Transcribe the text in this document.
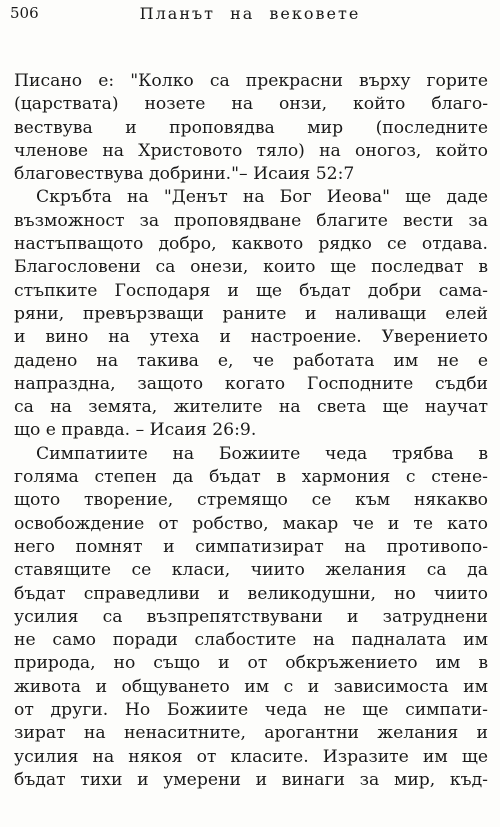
506	Планът на вековете

Писано е: "Колко са прекрасни върху горите
(царствата) нозете на онзи, който благо-
вествува и проповядва мир (последните
членове на Христовото тяло) на оногоз, който
благовествува добрини."– Исаия 52:7

Скръбта на "Денът на Бог Иеова" ще даде
възможност за проповядване благите вести за
настъпващото добро, каквото рядко се отдава.
Благословени са онези, които ще последват в
стъпките Господаря и ще бъдат добри сама-
ряни, превързващи раните и наливащи елей
и вино на утеха и настроение. Уверението
дадено на такива е, че работата им не е
напразднa, защото когато Господните съдби
са на земята, жителите на света ще научат
що е правда. – Исаия 26:9.

Симпатиите на Божиите чеда трябва в
голяма степен да бъдат в хармония с стене-
щото творение, стремящо се към някакво
освобождение от робство, макар че и те като
него помнят и симпатизират на противопо-
ставящите се класи, чиито желания са да
бъдат справедливи и великодушни, но чиито
усилия са възпрепятствувани и затруднени
не само поради слабостите на падналата им
природа, но също и от обкръжението им в
живота и общуването им с и зависимостa им
от други. Но Божиите чеда не ще симпати-
зират на ненаситните, арогантни желания и
усилия на някоя от класите. Изразите им ще
бъдат тихи и умерени и винаги за мир, къд-
